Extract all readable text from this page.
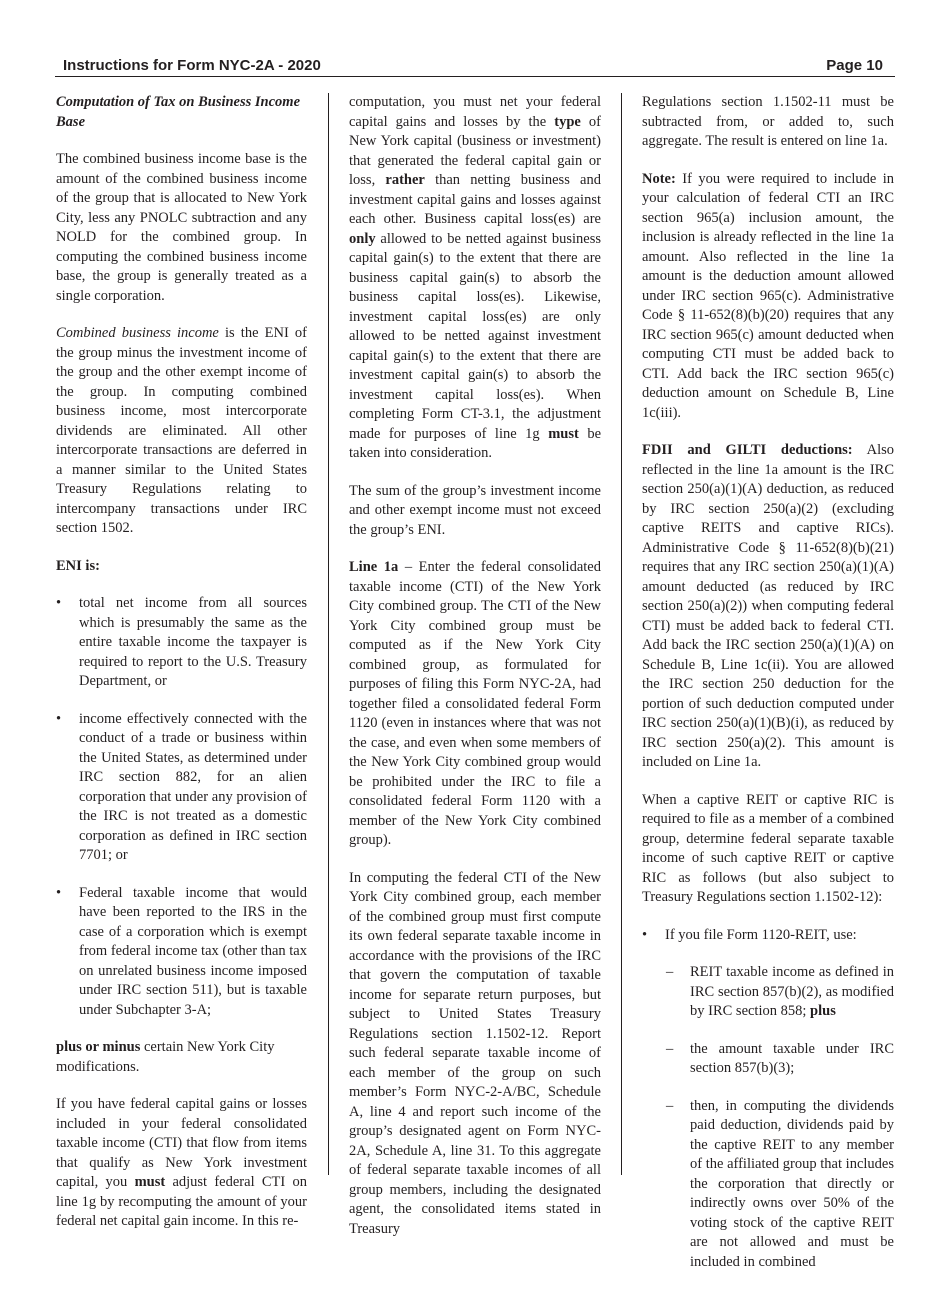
Instructions for Form NYC-2A - 2020	Page 10
Computation of Tax on Business Income Base

The combined business income base is the amount of the combined business income of the group that is allocated to New York City, less any PNOLC subtraction and any NOLD for the combined group. In computing the combined business income base, the group is generally treated as a single corporation.

Combined business income is the ENI of the group minus the investment income of the group and the other exempt income of the group. In computing combined business income, most intercorporate dividends are eliminated. All other intercorporate transactions are deferred in a manner similar to the United States Treasury Regulations relating to intercompany transactions under IRC section 1502.

ENI is:
• total net income from all sources which is presumably the same as the entire taxable income the taxpayer is required to report to the U.S. Treasury Department, or
• income effectively connected with the conduct of a trade or business within the United States, as determined under IRC section 882, for an alien corporation that under any provision of the IRC is not treated as a domestic corporation as defined in IRC section 7701; or
• Federal taxable income that would have been reported to the IRS in the case of a corporation which is exempt from federal income tax (other than tax on unrelated business income imposed under IRC section 511), but is taxable under Subchapter 3-A;

plus or minus certain New York City modifications.

If you have federal capital gains or losses included in your federal consolidated taxable income (CTI) that flow from items that qualify as New York investment capital, you must adjust federal CTI on line 1g by recomputing the amount of your federal net capital gain income. In this re-

computation, you must net your federal capital gains and losses by the type of New York capital (business or investment) that generated the federal capital gain or loss, rather than netting business and investment capital gains and losses against each other. Business capital loss(es) are only allowed to be netted against business capital gain(s) to the extent that there are business capital gain(s) to absorb the business capital loss(es). Likewise, investment capital loss(es) are only allowed to be netted against investment capital gain(s) to the extent that there are investment capital gain(s) to absorb the investment capital loss(es). When completing Form CT-3.1, the adjustment made for purposes of line 1g must be taken into consideration.

The sum of the group’s investment income and other exempt income must not exceed the group’s ENI.

Line 1a – Enter the federal consolidated taxable income (CTI) of the New York City combined group. The CTI of the New York City combined group must be computed as if the New York City combined group, as formulated for purposes of filing this Form NYC-2A, had together filed a consolidated federal Form 1120 (even in instances where that was not the case, and even when some members of the New York City combined group would be prohibited under the IRC to file a consolidated federal Form 1120 with a member of the New York City combined group).

In computing the federal CTI of the New York City combined group, each member of the combined group must first compute its own federal separate taxable income in accordance with the provisions of the IRC that govern the computation of taxable income for separate return purposes, but subject to United States Treasury Regulations section 1.1502-12. Report such federal separate taxable income of each member of the group on such member’s Form NYC-2-A/BC, Schedule A, line 4 and report such income of the group’s designated agent on Form NYC-2A, Schedule A, line 31. To this aggregate of federal separate taxable incomes of all group members, including the designated agent, the consolidated items stated in Treasury

Regulations section 1.1502-11 must be subtracted from, or added to, such aggregate. The result is entered on line 1a.

Note: If you were required to include in your calculation of federal CTI an IRC section 965(a) inclusion amount, the inclusion is already reflected in the line 1a amount. Also reflected in the line 1a amount is the deduction amount allowed under IRC section 965(c). Administrative Code § 11-652(8)(b)(20) requires that any IRC section 965(c) amount deducted when computing CTI must be added back to CTI. Add back the IRC section 965(c) deduction amount on Schedule B, Line 1c(iii).

FDII and GILTI deductions: Also reflected in the line 1a amount is the IRC section 250(a)(1)(A) deduction, as reduced by IRC section 250(a)(2) (excluding captive REITS and captive RICs). Administrative Code § 11-652(8)(b)(21) requires that any IRC section 250(a)(1)(A) amount deducted (as reduced by IRC section 250(a)(2)) when computing federal CTI) must be added back to federal CTI. Add back the IRC section 250(a)(1)(A) on Schedule B, Line 1c(ii). You are allowed the IRC section 250 deduction for the portion of such deduction computed under IRC section 250(a)(1)(B)(i), as reduced by IRC section 250(a)(2). This amount is included on Line 1a.

When a captive REIT or captive RIC is required to file as a member of a combined group, determine federal separate taxable income of such captive REIT or captive RIC as follows (but also subject to Treasury Regulations section 1.1502-12):

• If you file Form 1120-REIT, use:
– REIT taxable income as defined in IRC section 857(b)(2), as modified by IRC section 858; plus
– the amount taxable under IRC section 857(b)(3);
– then, in computing the dividends paid deduction, dividends paid by the captive REIT to any member of the affiliated group that includes the corporation that directly or indirectly owns over 50% of the voting stock of the captive REIT are not allowed and must be included in combined
